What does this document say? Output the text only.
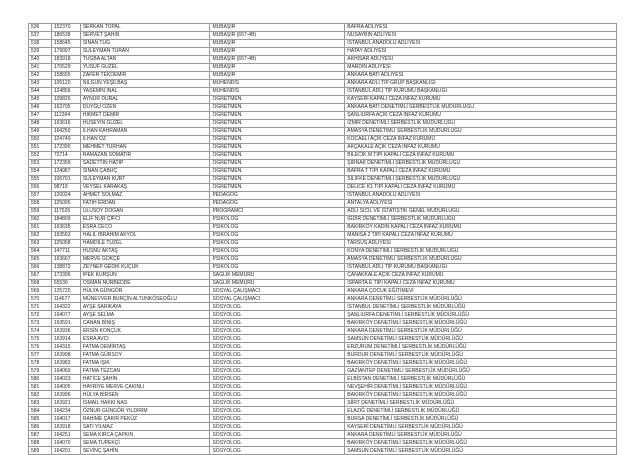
536	152370	SERKAN TOPAL	MÜBAŞİR	BAFRA ADLİYESİ
537	186538	SERVET ŞAHİN	MÜBAŞİR (657-4B)	NUSAYBİN ADLİYESİ
538	158645	SİNAN TUĞ	MÜBAŞİR	İSTANBUL ANADOLU ADLİYESİ
539	179097	SÜLEYMAN TURAN	MÜBAŞİR	HATAY ADLİYESİ
540	183918	TUĞBA ALTAN	MÜBAŞİR (657-4B)	AKHİSAR ADLİYESİ
541	170529	YUSUF GÜZEL	MÜBAŞİR	MARDİN ADLİYESİ
542	158655	ZAFER TEKDEMİR	MÜBAŞİR	ANKARA BATI ADLİYESİ
543	105120	NİLGÜN YEŞİLBAŞ	MÜHENDİS	ANKARA ADLİ TIP GRUP BAŞKANLIĞI
544	124856	YASEMİN İNAL	MÜHENDİS	İSTANBUL ADLİ TIP KURUMU BAŞKANLIĞI
545	109826	AYNUR DURAL	ÖĞRETMEN	KAYSERİ KAPALI CEZA İNFAZ KURUMU
546	163705	DUYGU ÖZEN	ÖĞRETMEN	ANKARA BATI DENETİMLİ SERBESTLİK MÜDÜRLÜĞÜ
547	112364	HİKMET DEMİR	ÖĞRETMEN	ŞANLIURFA AÇIK CEZA İNFAZ KURUMU
548	163616	HÜSEYİN GÜZEL	ÖĞRETMEN	İZMİR DENETİMLİ SERBESTLİK MÜDÜRLÜĞÜ
549	164250	İLHAN KAHRAMAN	ÖĞRETMEN	AMASYA DENETİMLİ SERBESTLİK MÜDÜRLÜĞÜ
550	124749	İLHAN ÖZ	ÖĞRETMEN	KOCAELİ AÇIK CEZA İNFAZ KURUMU
551	172390	MEHMET TURHAN	ÖĞRETMEN	AKÇAKALE AÇIK CEZA İNFAZ KURUMU
552	72714	RAMAZAN SOMATİR	ÖĞRETMEN	BİLECİK M TİPİ KAPALI CEZA İNFAZ KURUMU
553	172359	SADETTİN HATİP	ÖĞRETMEN	ŞIRNAK DENETİMLİ SERBESTLİK MÜDÜRLÜĞÜ
554	124987	SİNAN ÇABUÇ	ÖĞRETMEN	BAFRA T TİPİ KAPALI CEZA İNFAZ KURUMU
555	106701	SÜLEYMAN KURT	ÖĞRETMEN	SİLİFKE DENETİMLİ SERBESTLİK MÜDÜRLÜĞÜ
556	98719	VEYSEL KARAKAŞ	ÖĞRETMEN	DELİCE K1 TİPİ KAPALI CEZA İNFAZ KURUMU
557	120024	AHMET SOLMAZ	PEDAGOG	İSTANBUL ANADOLU ADLİYESİ
558	125095	FATİH ERDAN	PEDAGOG	ANTALYA ADLİYESİ
559	117526	ULUSOY DOĞAN	PROGRAMCI	ADLİ SİCİL VE İSTATİSTİK GENEL MÜDÜRLÜĞÜ
560	184809	ELİF NUR ÇİFCİ	PSİKOLOG	IĞDIR DENETİMLİ SERBESTLİK MÜDÜRLÜĞÜ
561	163635	ESRA CECO	PSİKOLOG	BAKIRKÖY KADIN KAPALI CEZA İNFAZ KURUMU
562	163563	HALİL İBRAHİM AKYOL	PSİKOLOG	MANİSA 2 TİPİ KAPALI CEZA İNFAZ KURUMU
563	125058	HAMDİLE TÜZEL	PSİKOLOG	TARSUS ADLİYESİ
564	147711	HÜSNÜ AKTAŞ	PSİKOLOG	KONYA DENETİMLİ SERBESTLİK MÜDÜRLÜĞÜ
565	163667	MERVE GÖKÇE	PSİKOLOG	AMASYA DENETİMLİ SERBESTLİK MÜDÜRLÜĞÜ
566	138873	ZEYNEP GEDİK KÜÇÜK	PSİKOLOG	İSTANBUL ADLİ TIP KURUMU BAŞKANLIĞI
567	173396	İPEK KURŞUN	SAĞLIK MEMURU	ÇANAKKALE AÇIK CEZA İNFAZ KURUMU
568	65530	OSMAN NURBEDDE	SAĞLIK MEMURU	ISPARTA E TİPİ KAPALI CEZA İNFAZ KURUMU
569	125720	HÜLYA GÜNGÖR	SOSYAL ÇALIŞMACI	ANKARA ÇOCUK EĞİTİMEVİ
570	114677	MÜNEVVER BURÇİN ALTUNKÖSEOĞLU	SOSYAL ÇALIŞMACI	ANKARA DENETİMLİ SERBESTLİK MÜDÜRLÜĞÜ
571	164322	AYŞE SARIKAYA	SOSYOLOG	İSTANBUL DENETİMLİ SERBESTLİK MÜDÜRLÜĞÜ
572	164077	AYŞE SELMA	SOSYOLOG	ŞANLIURFA DENETİMLİ SERBESTLİK MÜDÜRLÜĞÜ
573	163591	CANAN BİNİŞ	SOSYOLOG	BAKIRKÖY DENETİMLİ SERBESTLİK MÜDÜRLÜĞÜ
574	163936	ERSİN KONÇUK	SOSYOLOG	ANKARA DENETİMLİ SERBESTLİK MÜDÜRLÜĞÜ
575	163914	ESRA AVCI	SOSYOLOG	SAMSUN DENETİMLİ SERBESTLİK MÜDÜRLÜĞÜ
576	164315	FATMA DEMİRTAŞ	SOSYOLOG	ERZURUM DENETİMLİ SERBESTLİK MÜDÜRLÜĞÜ
577	163998	FATMA GÜRSOY	SOSYOLOG	BURDUR DENETİMLİ SERBESTLİK MÜDÜRLÜĞÜ
578	163983	FATMA IŞIK	SOSYOLOG	BAKIRKÖY DENETİMLİ SERBESTLİK MÜDÜRLÜĞÜ
579	164069	FATMA TEZCAN	SOSYOLOG	GAZİANTEP DENETİMLİ SERBESTLİK MÜDÜRLÜĞÜ
580	164023	HATİCE ŞAHİN	SOSYOLOG	ELBİSTAN DENETİMLİ SERBESTLİK MÜDÜRLÜĞÜ
581	164005	HAYRİYE MERVE ÇAKINLI	SOSYOLOG	NEVŞEHİR DENETİMLİ SERBESTLİK MÜDÜRLÜĞÜ
582	163996	HÜLYA BİRSEN	SOSYOLOG	BAKIRKÖY DENETİMLİ SERBESTLİK MÜDÜRLÜĞÜ
583	163921	İSMAİL HAKKI NAS	SOSYOLOG	SİİRT DENETİMLİ SERBESTLİK MÜDÜRLÜĞÜ
584	164234	ÖZNUR GÜNGÖR YILDIRIM	SOSYOLOG	ELAZIĞ DENETİMLİ SERBESTLİK MÜDÜRLÜĞÜ
585	164017	RAHİME ÇAKIR PEKÜZ	SOSYOLOG	BURSA DENETİMLİ SERBESTLİK MÜDÜRLÜĞÜ
586	163918	SATI YILMAZ	SOSYOLOG	KAYSERİ DENETİMLİ SERBESTLİK MÜDÜRLÜĞÜ
587	164251	SEMA KIRCA ÇAPKIN	SOSYOLOG	ANKARA DENETİMLİ SERBESTLİK MÜDÜRLÜĞÜ
588	164070	SEMA TUPEKÇİ	SOSYOLOG	BAKIRKÖY DENETİMLİ SERBESTLİK MÜDÜRLÜĞÜ
589	164201	SEVİNÇ ŞAHİN	SOSYOLOG	SAMSUN DENETİMLİ SERBESTLİK MÜDÜRLÜĞÜ
